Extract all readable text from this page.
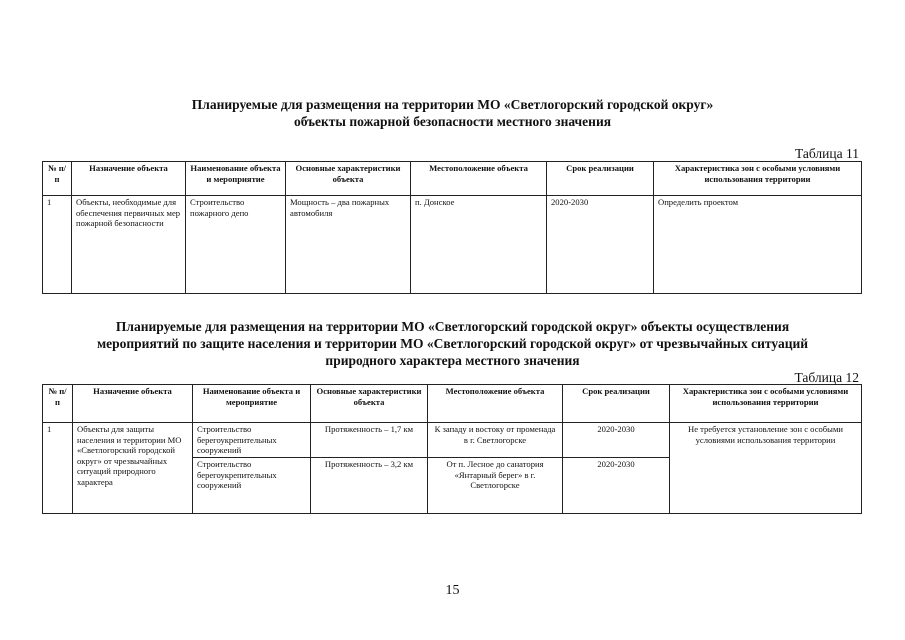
Планируемые для размещения на территории МО «Светлогорский городской округ»
объекты пожарной безопасности местного значения
Таблица 11
№ п/п	Назначение объекта	Наименование объекта и мероприятие	Основные характеристики объекта	Местоположение объекта	Срок реализации	Характеристика зон с особыми условиями использования территории
1	Объекты, необходимые для обеспечения первичных мер пожарной безопасности	Строительство пожарного депо	Мощность – два пожарных автомобиля	п. Донское	2020-2030	Определить проектом
Планируемые для размещения на территории МО «Светлогорский городской округ» объекты осуществления
мероприятий по защите населения и территории МО «Светлогорский городской округ» от чрезвычайных ситуаций
природного характера местного значения
Таблица 12
№ п/п	Назначение объекта	Наименование объекта и мероприятие	Основные характеристики объекта	Местоположение объекта	Срок реализации	Характеристика зон с особыми условиями использования территории
1	Объекты для защиты населения и территории МО «Светлогорский городской округ» от чрезвычайных ситуаций природного характера	Строительство берегоукрепительных сооружений	Протяженность – 1,7 км	К западу и востоку от променада в г. Светлогорске	2020-2030	Не требуется установление зон с особыми условиями использования территории
		Строительство берегоукрепительных сооружений	Протяженность – 3,2 км	От п. Лесное до санатория «Янтарный берег» в г. Светлогорске	2020-2030	
15
